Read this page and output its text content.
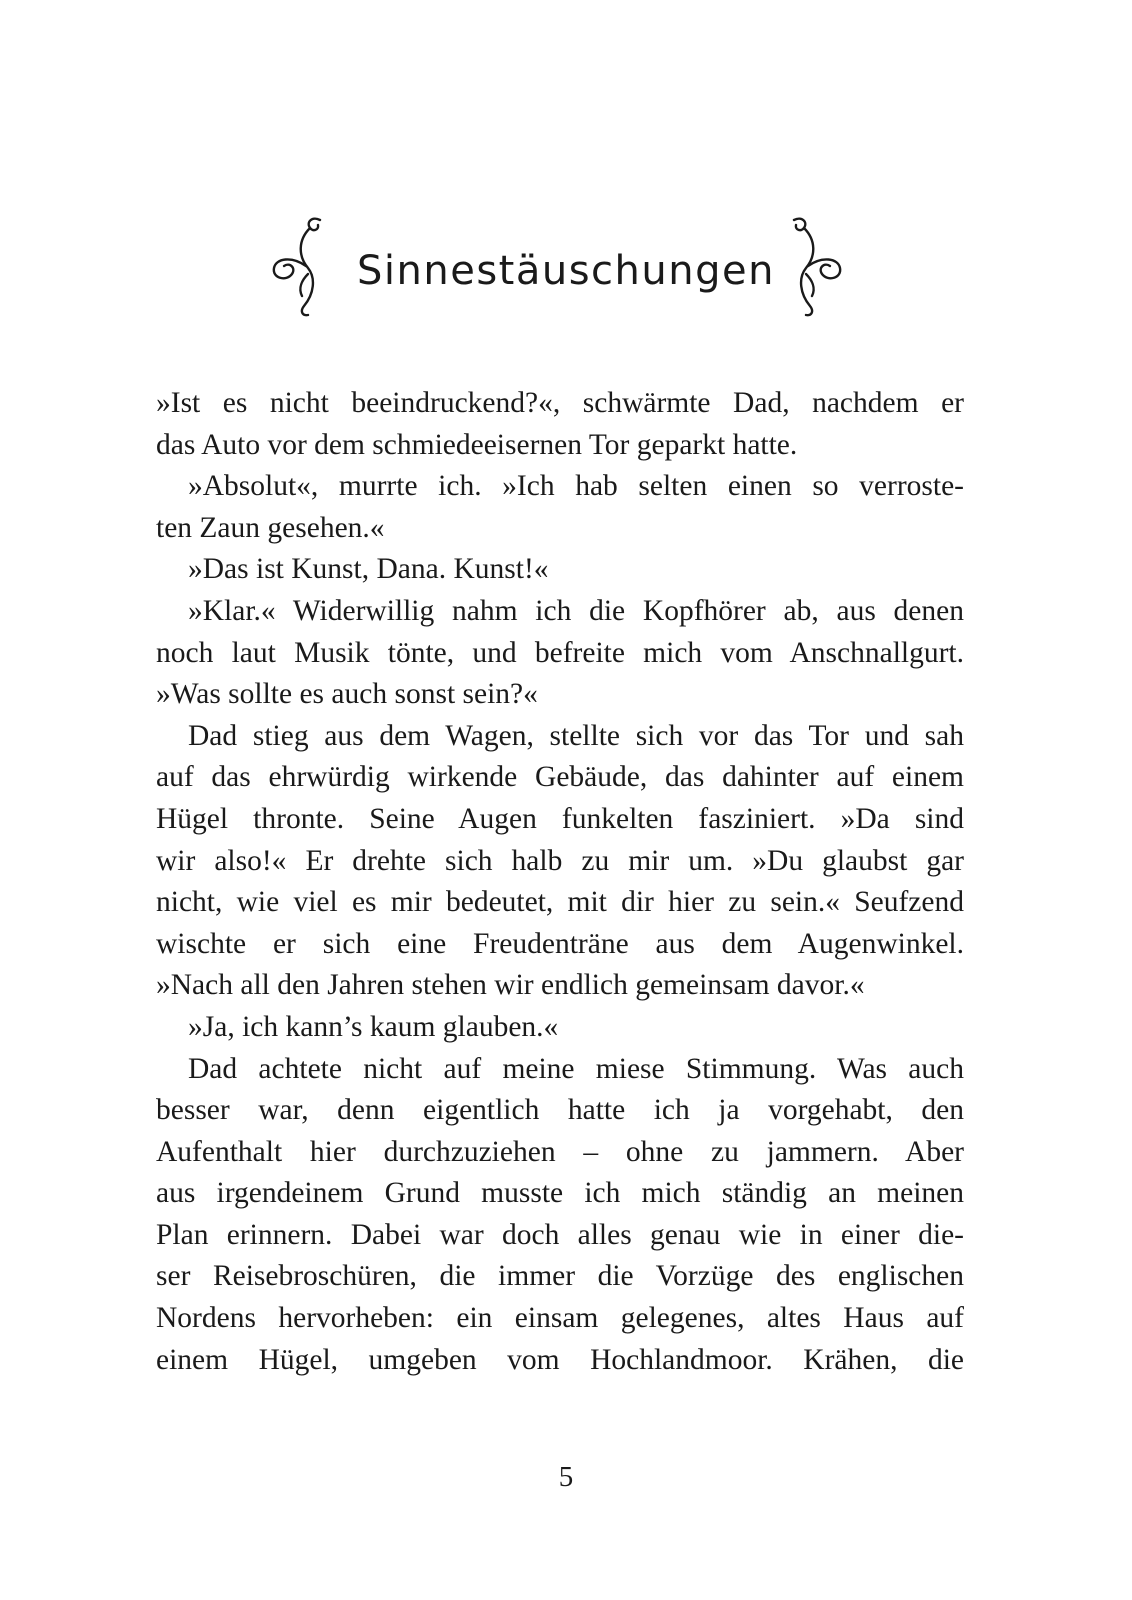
Sinnestäuschungen
»Ist es nicht beeindruckend?«, schwärmte Dad, nachdem er
das Auto vor dem schmiedeeisernen Tor geparkt hatte.
»Absolut«, murrte ich. »Ich hab selten einen so verroste-
ten Zaun gesehen.«
»Das ist Kunst, Dana. Kunst!«
»Klar.« Widerwillig nahm ich die Kopfhörer ab, aus denen
noch laut Musik tönte, und befreite mich vom Anschnallgurt.
»Was sollte es auch sonst sein?«
Dad stieg aus dem Wagen, stellte sich vor das Tor und sah
auf das ehrwürdig wirkende Gebäude, das dahinter auf einem
Hügel thronte. Seine Augen funkelten fasziniert. »Da sind
wir also!« Er drehte sich halb zu mir um. »Du glaubst gar
nicht, wie viel es mir bedeutet, mit dir hier zu sein.« Seufzend
wischte er sich eine Freudenträne aus dem Augenwinkel.
»Nach all den Jahren stehen wir endlich gemeinsam davor.«
»Ja, ich kann’s kaum glauben.«
Dad achtete nicht auf meine miese Stimmung. Was auch
besser war, denn eigentlich hatte ich ja vorgehabt, den
Aufenthalt hier durchzuziehen – ohne zu jammern. Aber
aus irgendeinem Grund musste ich mich ständig an meinen
Plan erinnern. Dabei war doch alles genau wie in einer die-
ser Reisebroschüren, die immer die Vorzüge des englischen
Nordens hervorheben: ein einsam gelegenes, altes Haus auf
einem Hügel, umgeben vom Hochlandmoor. Krähen, die
5
